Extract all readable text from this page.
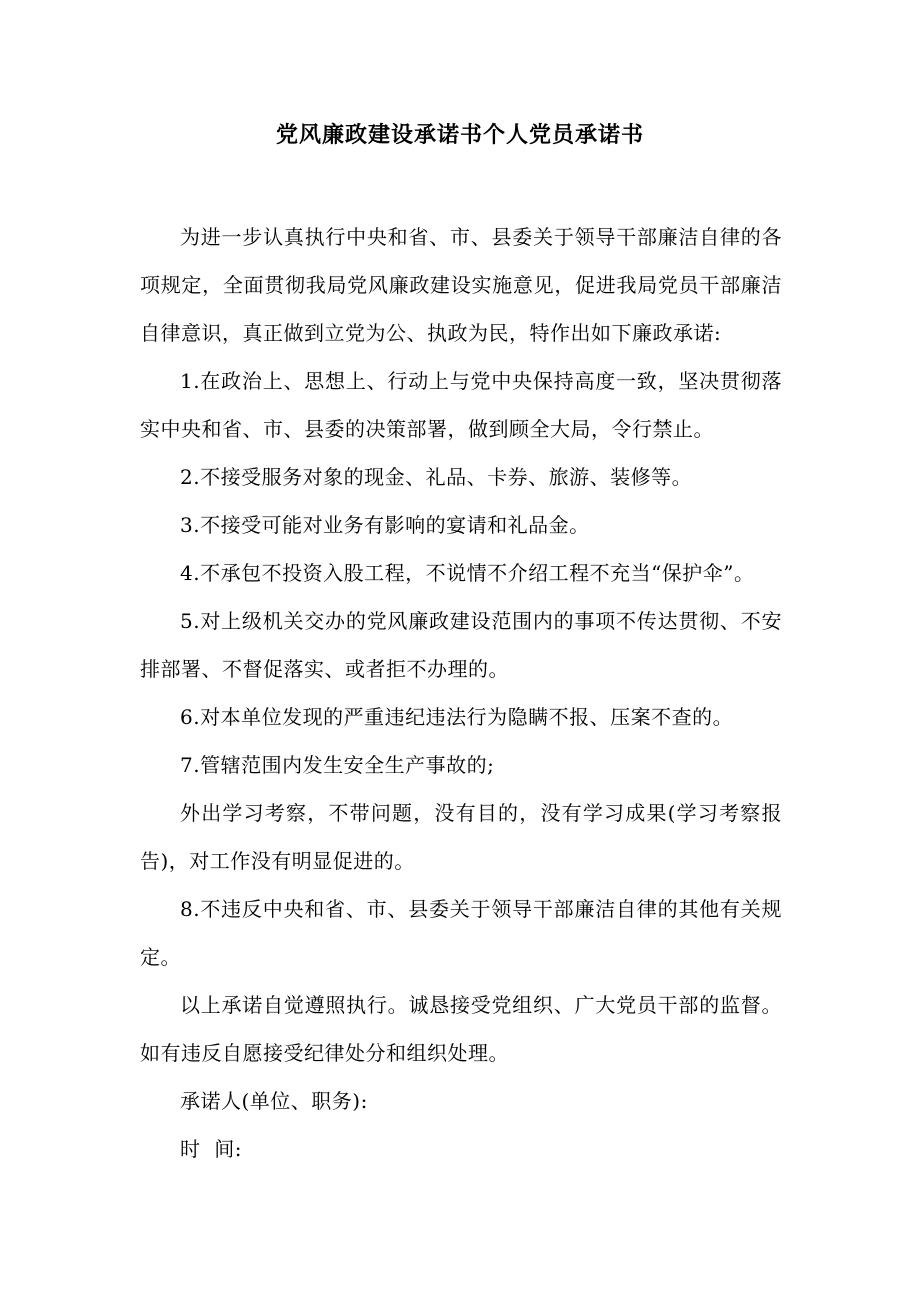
党风廉政建设承诺书个人党员承诺书

为进一步认真执行中央和省、市、县委关于领导干部廉洁自律的各项规定，全面贯彻我局党风廉政建设实施意见，促进我局党员干部廉洁自律意识，真正做到立党为公、执政为民，特作出如下廉政承诺:

1.在政治上、思想上、行动上与党中央保持高度一致，坚决贯彻落实中央和省、市、县委的决策部署，做到顾全大局，令行禁止。

2.不接受服务对象的现金、礼品、卡券、旅游、装修等。

3.不接受可能对业务有影响的宴请和礼品金。

4.不承包不投资入股工程，不说情不介绍工程不充当“保护伞”。

5.对上级机关交办的党风廉政建设范围内的事项不传达贯彻、不安排部署、不督促落实、或者拒不办理的。

6.对本单位发现的严重违纪违法行为隐瞒不报、压案不查的。

7.管辖范围内发生安全生产事故的;

外出学习考察，不带问题，没有目的，没有学习成果(学习考察报告)，对工作没有明显促进的。

8.不违反中央和省、市、县委关于领导干部廉洁自律的其他有关规定。

以上承诺自觉遵照执行。诚恳接受党组织、广大党员干部的监督。如有违反自愿接受纪律处分和组织处理。

承诺人(单位、职务):

时  间:
